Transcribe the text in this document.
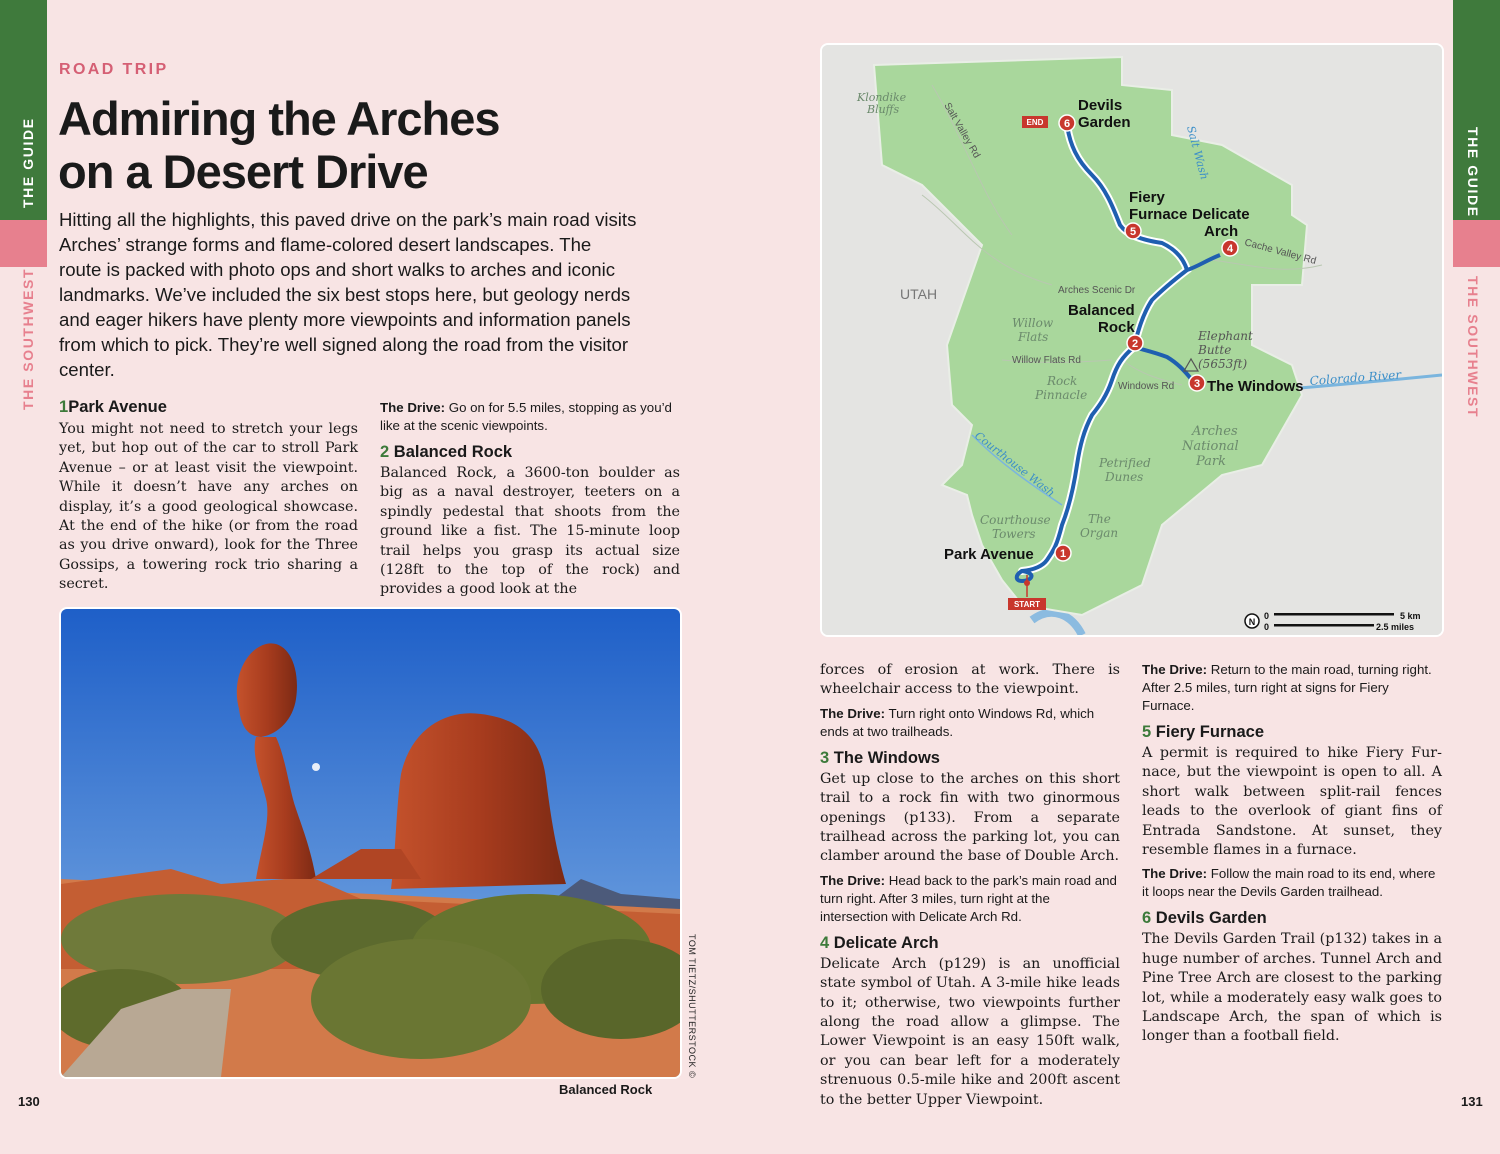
THE GUIDE
THE SOUTHWEST
THE GUIDE
THE SOUTHWEST
ROAD TRIP
Admiring the Arches
on a Desert Drive
Hitting all the highlights, this paved drive on the park’s main road visits
Arches’ strange forms and flame-colored desert landscapes. The
route is packed with photo ops and short walks to arches and iconic
landmarks. We’ve included the six best stops here, but geology nerds
and eager hikers have plenty more viewpoints and information panels
from which to pick. They’re well signed along the road from the visitor
center.
1Park Avenue
You might not need to stretch your legs yet, but hop out of the car to stroll Park Avenue – or at least visit the viewpoint. While it doesn’t have any arches on display, it’s a good geological showcase. At the end of the hike (or from the road as you drive onward), look for the Three Gossips, a towering rock trio sharing a secret.
The Drive: Go on for 5.5 miles, stopping as you’d like at the scenic viewpoints.
2 Balanced Rock
Balanced Rock, a 3600-ton boulder as big as a naval destroyer, teeters on a spindly pedestal that shoots from the ground like a fist. The 15-minute loop trail helps you grasp its actual size (128ft to the top of the rock) and provides a good look at the
TOM TIETZ/SHUTTERSTOCK ©
Balanced Rock
130	131
6
5
4
2
3
1
END
START
Devils
Garden
Fiery
Furnace Delicate
Arch
Balanced
Rock
The Windows
Park Avenue
UTAH
Klondike
Bluffs	Salt Valley Rd	Salt Wash
Cache Valley Rd
Arches Scenic Dr
Willow
Flats
Willow Flats Rd
Elephant
Butte
(5653ft)
Windows Rd	Colorado River
Rock
Pinnacle
Arches
National
Park
Courthouse Wash	Petrified
Dunes
Courthouse
Towers
The
Organ
N
0
0
5 km
2.5 miles
forces of erosion at work. There is wheelchair access to the viewpoint.
The Drive: Turn right onto Windows Rd, which ends at two trailheads.
3 The Windows
Get up close to the arches on this short trail to a rock fin with two ginormous openings (p133). From a separate trailhead across the parking lot, you can clamber around the base of Double Arch.
The Drive: Head back to the park’s main road and turn right. After 3 miles, turn right at the intersection with Delicate Arch Rd.
4 Delicate Arch
Delicate Arch (p129) is an unofficial state symbol of Utah. A 3-mile hike leads to it; otherwise, two viewpoints further along the road allow a glimpse. The Lower Viewpoint is an easy 150ft walk, or you can bear left for a moderately strenuous 0.5-mile hike and 200ft ascent to the better Upper Viewpoint.
The Drive: Return to the main road, turning right. After 2.5 miles, turn right at signs for Fiery Furnace.
5 Fiery Furnace
A permit is required to hike Fiery Furnace, but the viewpoint is open to all. A short walk between split-rail fences leads to the overlook of giant fins of Entrada Sandstone. At sunset, they resemble flames in a furnace.
The Drive: Follow the main road to its end, where it loops near the Devils Garden trailhead.
6 Devils Garden
The Devils Garden Trail (p132) takes in a huge number of arches. Tunnel Arch and Pine Tree Arch are closest to the parking lot, while a moderately easy walk goes to Landscape Arch, the span of which is longer than a football field.
